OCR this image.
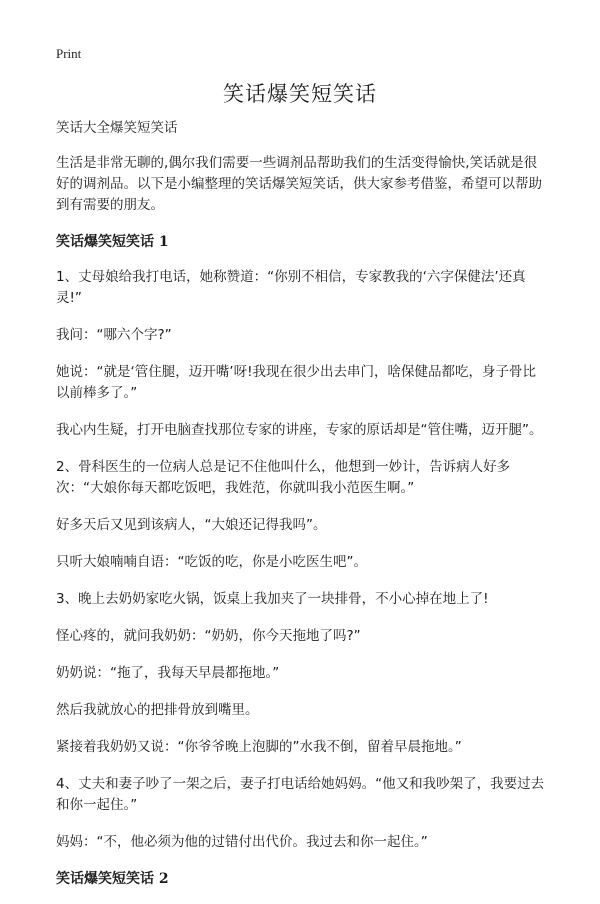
Print
笑话爆笑短笑话

笑话大全爆笑短笑话

生活是非常无聊的,偶尔我们需要一些调剂品帮助我们的生活变得愉快,笑话就是很好的调剂品。以下是小编整理的笑话爆笑短笑话，供大家参考借鉴，希望可以帮助到有需要的朋友。

笑话爆笑短笑话 1

1、丈母娘给我打电话，她称赞道：“你别不相信，专家教我的‘六字保健法’还真灵!”

我问：“哪六个字?”

她说：“就是‘管住腿，迈开嘴’呀!我现在很少出去串门，啥保健品都吃，身子骨比以前棒多了。”

我心内生疑，打开电脑查找那位专家的讲座，专家的原话却是“管住嘴，迈开腿”。

2、骨科医生的一位病人总是记不住他叫什么，他想到一妙计，告诉病人好多次：“大娘你每天都吃饭吧，我姓范，你就叫我小范医生啊。”

好多天后又见到该病人，“大娘还记得我吗”。

只听大娘喃喃自语：“吃饭的吃，你是小吃医生吧”。

3、晚上去奶奶家吃火锅，饭桌上我加夹了一块排骨，不小心掉在地上了!

怪心疼的，就问我奶奶：“奶奶，你今天拖地了吗?”

奶奶说：“拖了，我每天早晨都拖地。”

然后我就放心的把排骨放到嘴里。

紧接着我奶奶又说：“你爷爷晚上泡脚的”水我不倒，留着早晨拖地。”

4、丈夫和妻子吵了一架之后，妻子打电话给她妈妈。“他又和我吵架了，我要过去和你一起住。”

妈妈：“不，他必须为他的过错付出代价。我过去和你一起住。”

笑话爆笑短笑话 2
